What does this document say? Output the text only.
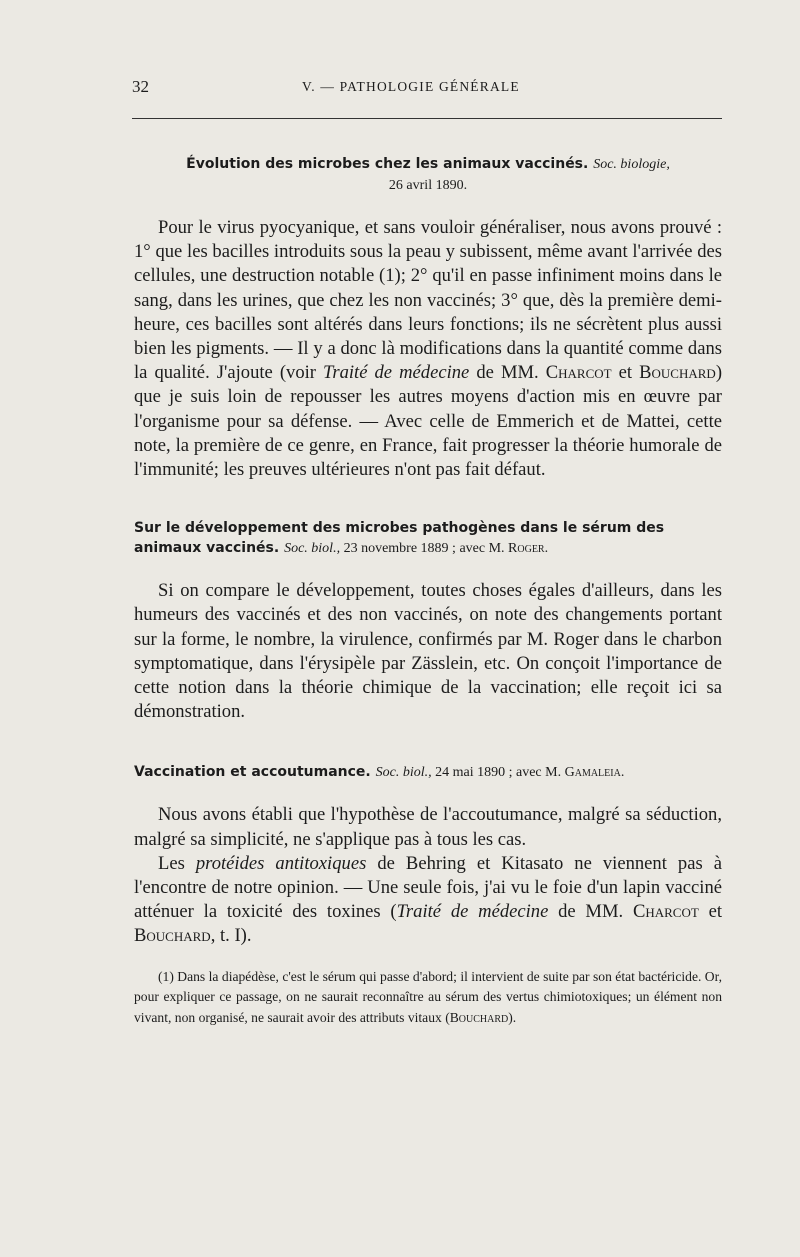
32	V. — PATHOLOGIE GÉNÉRALE

Évolution des microbes chez les animaux vaccinés. Soc. biologie,
26 avril 1890.

Pour le virus pyocyanique, et sans vouloir généraliser, nous avons prouvé : 1° que les bacilles introduits sous la peau y subissent, même avant l'arrivée des cellules, une destruction notable (1); 2° qu'il en passe infiniment moins dans le sang, dans les urines, que chez les non vaccinés; 3° que, dès la première demi-heure, ces bacilles sont altérés dans leurs fonctions; ils ne sécrètent plus aussi bien les pigments. — Il y a donc là modifications dans la quantité comme dans la qualité. J'ajoute (voir Traité de médecine de MM. Charcot et Bouchard) que je suis loin de repousser les autres moyens d'action mis en œuvre par l'organisme pour sa défense. — Avec celle de Emmerich et de Mattei, cette note, la première de ce genre, en France, fait progresser la théorie humorale de l'immunité; les preuves ultérieures n'ont pas fait défaut.

Sur le développement des microbes pathogènes dans le sérum des animaux vaccinés. Soc. biol., 23 novembre 1889 ; avec M. Roger.

Si on compare le développement, toutes choses égales d'ailleurs, dans les humeurs des vaccinés et des non vaccinés, on note des changements portant sur la forme, le nombre, la virulence, confirmés par M. Roger dans le charbon symptomatique, dans l'érysipèle par Zässlein, etc. On conçoit l'importance de cette notion dans la théorie chimique de la vaccination; elle reçoit ici sa démonstration.

Vaccination et accoutumance. Soc. biol., 24 mai 1890 ; avec M. Gamaleia.

Nous avons établi que l'hypothèse de l'accoutumance, malgré sa séduction, malgré sa simplicité, ne s'applique pas à tous les cas.

Les protéides antitoxiques de Behring et Kitasato ne viennent pas à l'encontre de notre opinion. — Une seule fois, j'ai vu le foie d'un lapin vacciné atténuer la toxicité des toxines (Traité de médecine de MM. Charcot et Bouchard, t. I).

(1) Dans la diapédèse, c'est le sérum qui passe d'abord; il intervient de suite par son état bactéricide. Or, pour expliquer ce passage, on ne saurait reconnaître au sérum des vertus chimiotoxiques; un élément non vivant, non organisé, ne saurait avoir des attributs vitaux (Bouchard).
